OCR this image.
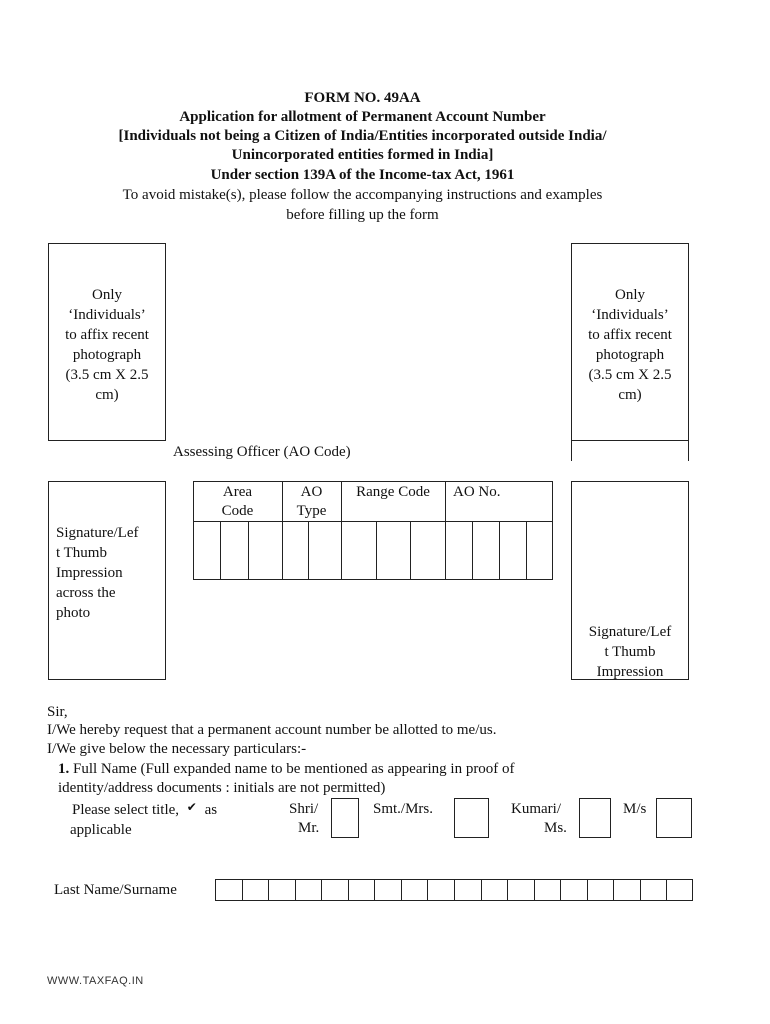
FORM NO. 49AA
Application for allotment of Permanent Account Number
[Individuals not being a Citizen of India/Entities incorporated outside India/
Unincorporated entities formed in India]
Under section 139A of the Income-tax Act, 1961
To avoid mistake(s), please follow the accompanying instructions and examples
before filling up the form
Only
‘Individuals’
to affix recent
photograph
(3.5 cm X 2.5
cm)
Only
‘Individuals’
to affix recent
photograph
(3.5 cm X 2.5
cm)
Assessing Officer (AO Code)
Signature/Lef
t Thumb
Impression
across the
photo
Signature/Lef
t Thumb
Impression
Area
Code
AO
Type
Range Code	AO No.
Sir,
I/We hereby request that a permanent account number be allotted to me/us.
I/We give below the necessary particulars:-
1. Full Name (Full expanded name to be mentioned as appearing in proof of
identity/address documents : initials are not permitted)
Please select title, ✔ as
applicable
Shri/
Mr.
Smt./Mrs.	Kumari/
Ms.
M/s
Last Name/Surname
WWW.TAXFAQ.IN
